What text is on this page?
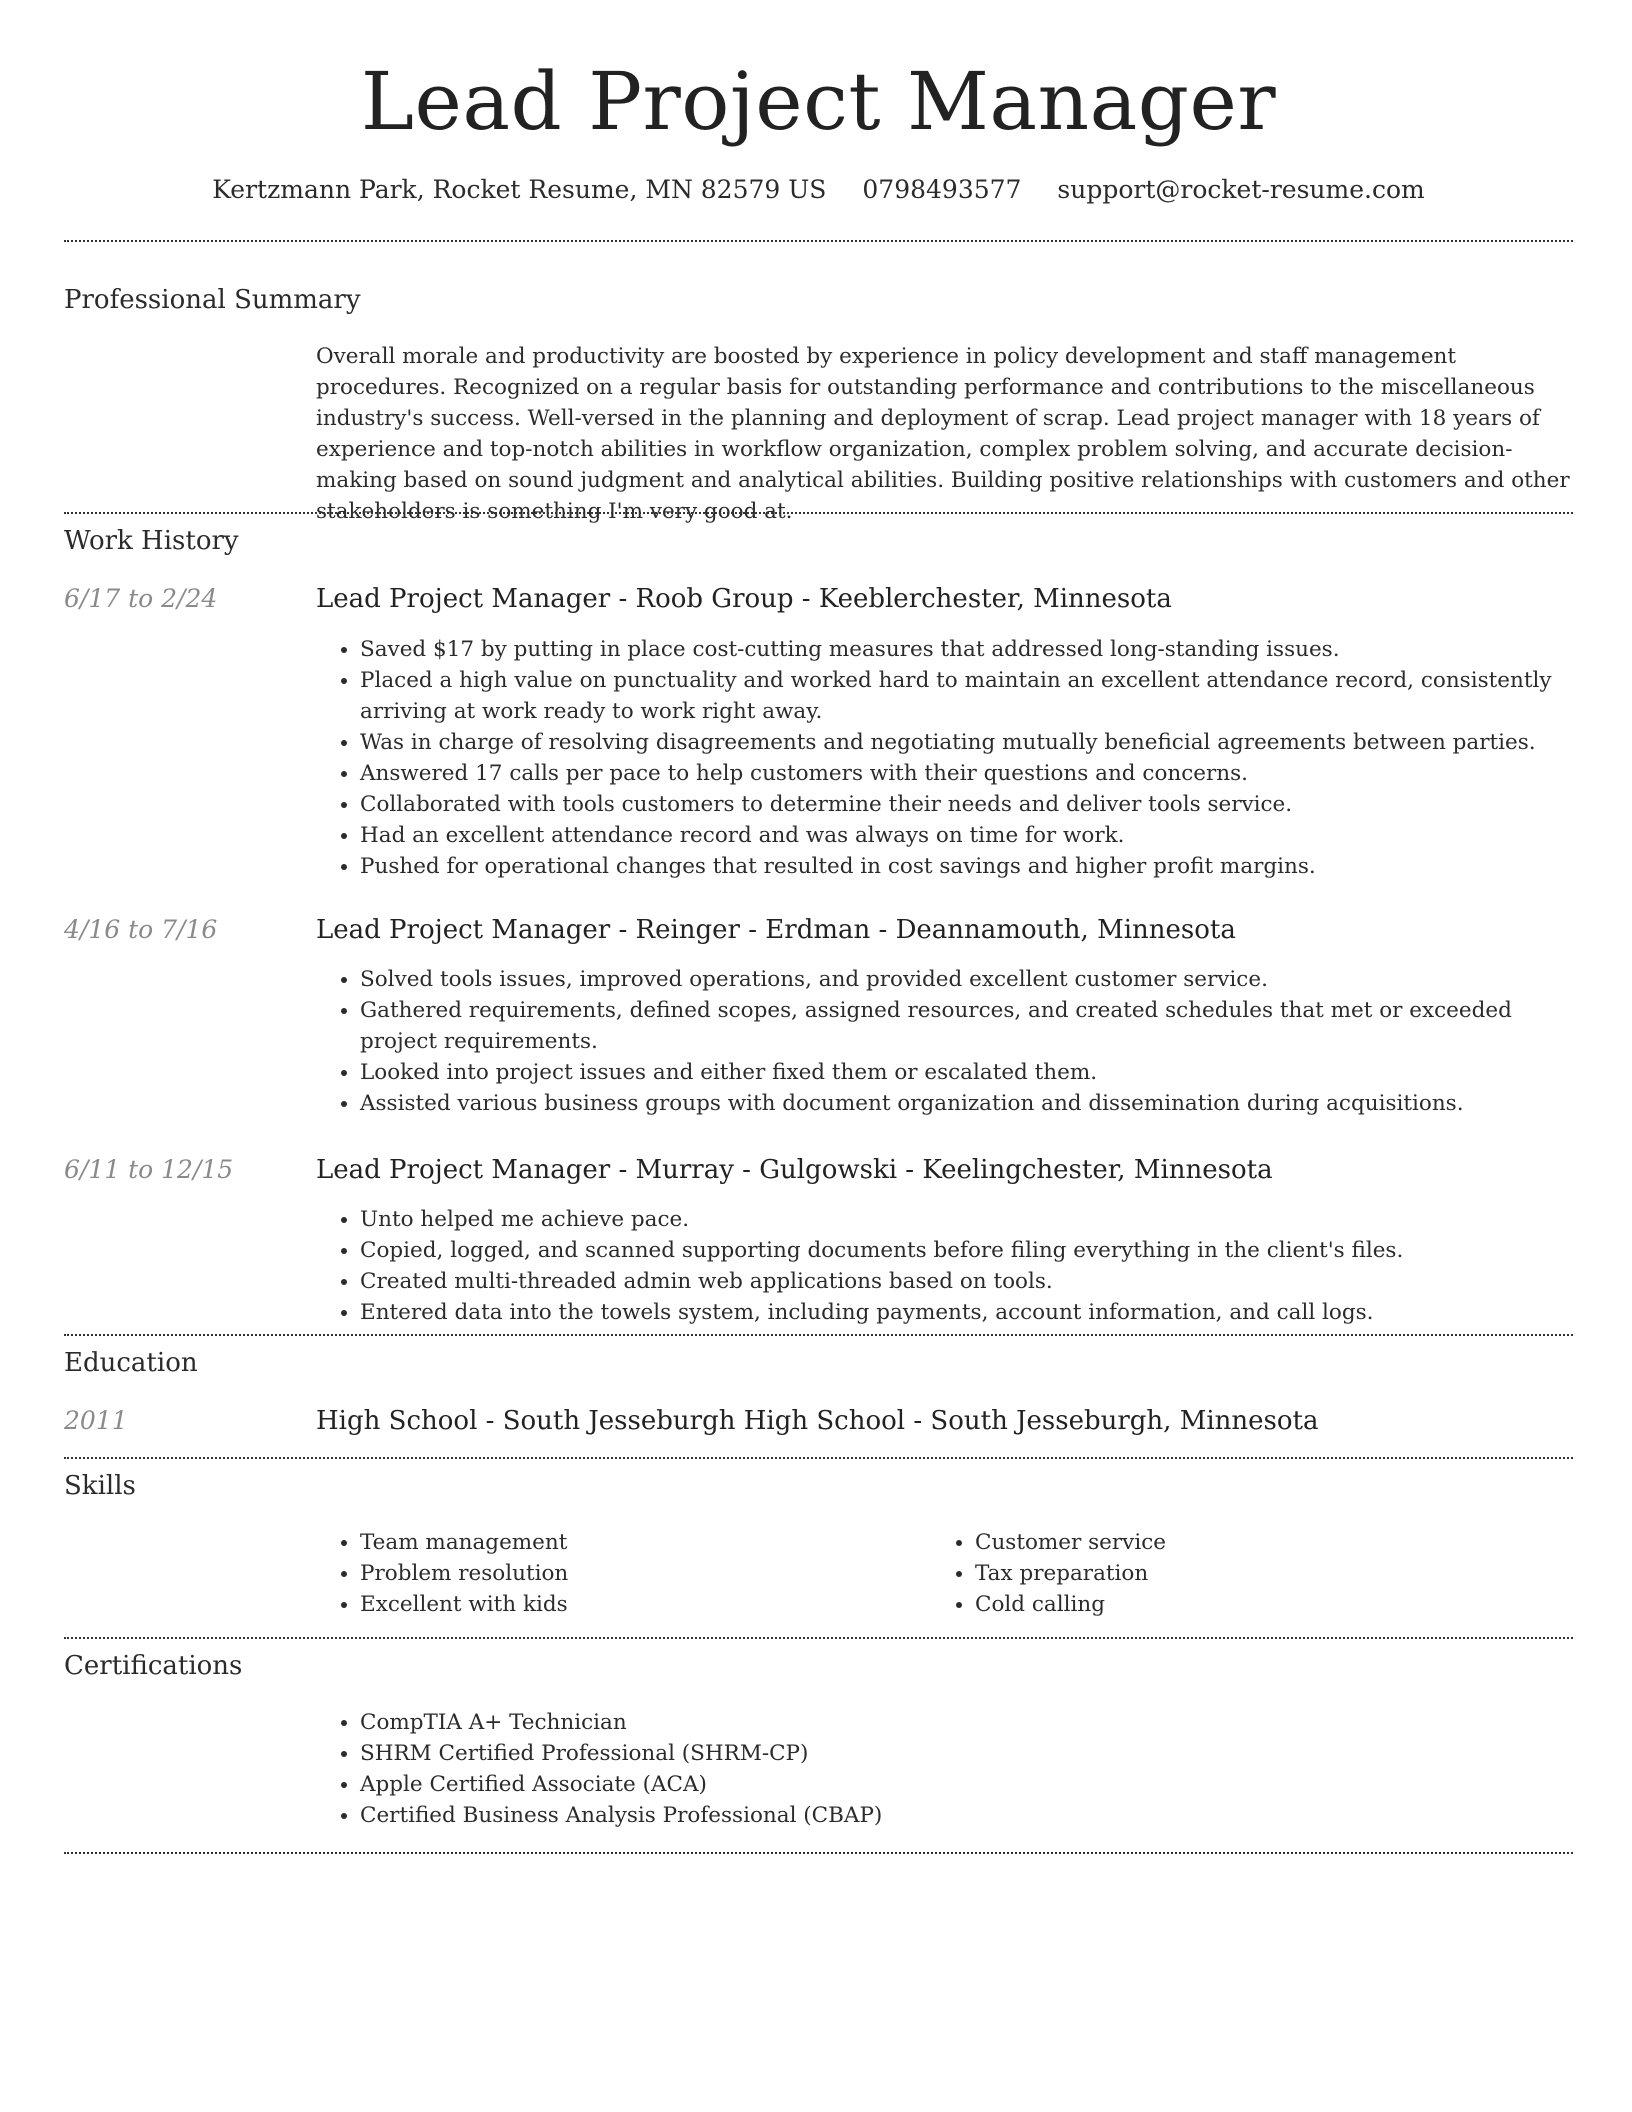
Lead Project Manager
Kertzmann Park, Rocket Resume, MN 82579 US 0798493577 support@rocket-resume.com
Professional Summary
Overall morale and productivity are boosted by experience in policy development and staff management procedures. Recognized on a regular basis for outstanding performance and contributions to the miscellaneous industry's success. Well-versed in the planning and deployment of scrap. Lead project manager with 18 years of experience and top-notch abilities in workflow organization, complex problem solving, and accurate decision-making based on sound judgment and analytical abilities. Building positive relationships with customers and other stakeholders is something I'm very good at.
Work History
6/17 to 2/24	Lead Project Manager - Roob Group - Keeblerchester, Minnesota
• Saved $17 by putting in place cost-cutting measures that addressed long-standing issues.
• Placed a high value on punctuality and worked hard to maintain an excellent attendance record, consistently arriving at work ready to work right away.
• Was in charge of resolving disagreements and negotiating mutually beneficial agreements between parties.
• Answered 17 calls per pace to help customers with their questions and concerns.
• Collaborated with tools customers to determine their needs and deliver tools service.
• Had an excellent attendance record and was always on time for work.
• Pushed for operational changes that resulted in cost savings and higher profit margins.
4/16 to 7/16	Lead Project Manager - Reinger - Erdman - Deannamouth, Minnesota
• Solved tools issues, improved operations, and provided excellent customer service.
• Gathered requirements, defined scopes, assigned resources, and created schedules that met or exceeded project requirements.
• Looked into project issues and either fixed them or escalated them.
• Assisted various business groups with document organization and dissemination during acquisitions.
6/11 to 12/15	Lead Project Manager - Murray - Gulgowski - Keelingchester, Minnesota
• Unto helped me achieve pace.
• Copied, logged, and scanned supporting documents before filing everything in the client's files.
• Created multi-threaded admin web applications based on tools.
• Entered data into the towels system, including payments, account information, and call logs.
Education
2011	High School - South Jesseburgh High School - South Jesseburgh, Minnesota
Skills
• Team management
• Problem resolution
• Excellent with kids
• Customer service
• Tax preparation
• Cold calling
Certifications
• CompTIA A+ Technician
• SHRM Certified Professional (SHRM-CP)
• Apple Certified Associate (ACA)
• Certified Business Analysis Professional (CBAP)
